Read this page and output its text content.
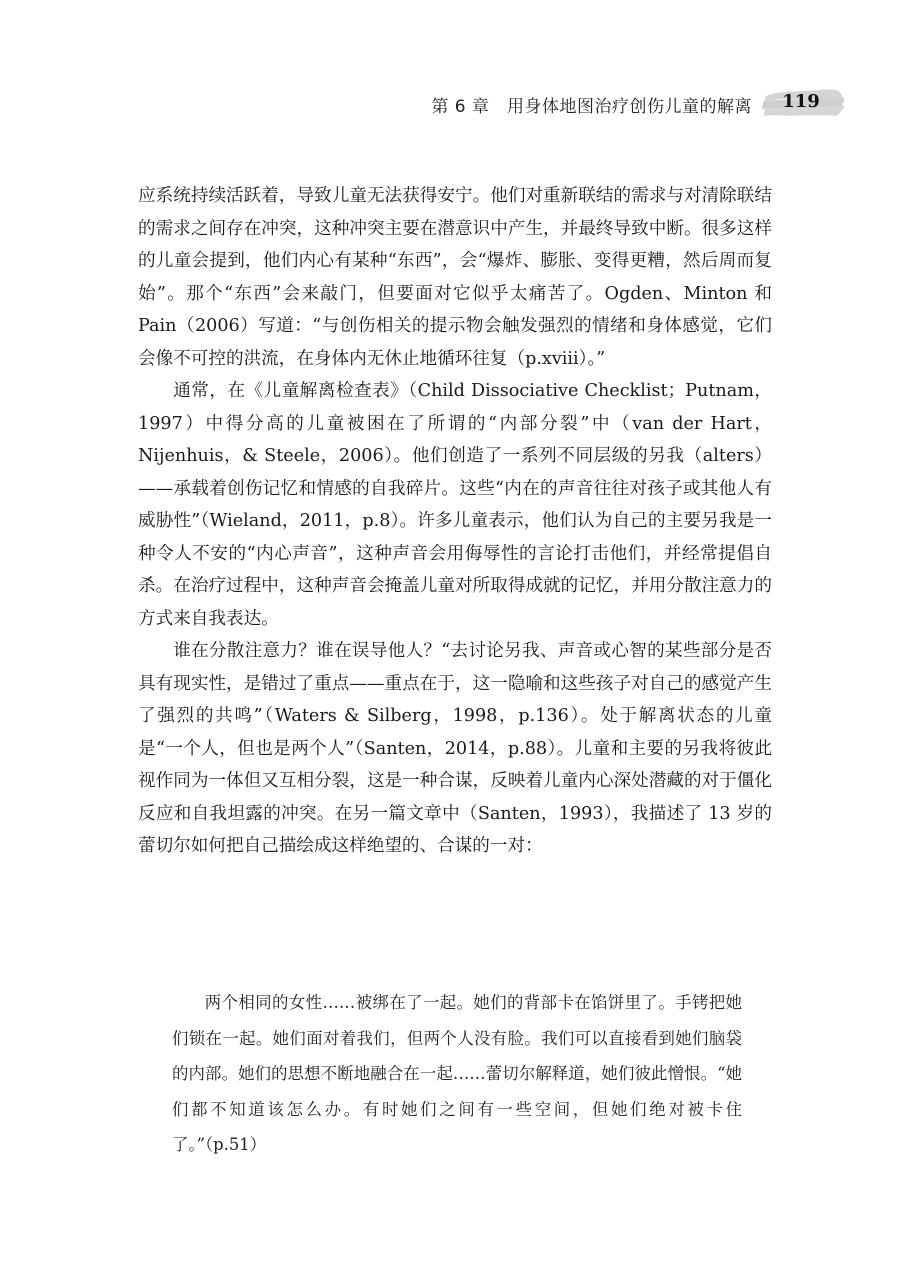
第 6 章　用身体地图治疗创伤儿童的解离	119

应系统持续活跃着，导致儿童无法获得安宁。他们对重新联结的需求与对清除联结的需求之间存在冲突，这种冲突主要在潜意识中产生，并最终导致中断。很多这样的儿童会提到，他们内心有某种“东西”，会“爆炸、膨胀、变得更糟，然后周而复始”。那个“东西”会来敲门，但要面对它似乎太痛苦了。Ogden、Minton 和 Pain（2006）写道：“与创伤相关的提示物会触发强烈的情绪和身体感觉，它们会像不可控的洪流，在身体内无休止地循环往复（p.xviii）。”

通常，在《儿童解离检查表》（Child Dissociative Checklist；Putnam，1997）中得分高的儿童被困在了所谓的“内部分裂”中（van der Hart，Nijenhuis，& Steele，2006）。他们创造了一系列不同层级的另我（alters）——承载着创伤记忆和情感的自我碎片。这些“内在的声音往往对孩子或其他人有威胁性”（Wieland，2011，p.8）。许多儿童表示，他们认为自己的主要另我是一种令人不安的“内心声音”，这种声音会用侮辱性的言论打击他们，并经常提倡自杀。在治疗过程中，这种声音会掩盖儿童对所取得成就的记忆，并用分散注意力的方式来自我表达。

谁在分散注意力？谁在误导他人？“去讨论另我、声音或心智的某些部分是否具有现实性，是错过了重点——重点在于，这一隐喻和这些孩子对自己的感觉产生了强烈的共鸣”（Waters & Silberg，1998，p.136）。处于解离状态的儿童是“一个人，但也是两个人”（Santen，2014，p.88）。儿童和主要的另我将彼此视作同为一体但又互相分裂，这是一种合谋，反映着儿童内心深处潜藏的对于僵化反应和自我坦露的冲突。在另一篇文章中（Santen，1993），我描述了 13 岁的蕾切尔如何把自己描绘成这样绝望的、合谋的一对：

两个相同的女性……被绑在了一起。她们的背部卡在馅饼里了。手铐把她们锁在一起。她们面对着我们，但两个人没有脸。我们可以直接看到她们脑袋的内部。她们的思想不断地融合在一起……蕾切尔解释道，她们彼此憎恨。“她们都不知道该怎么办。有时她们之间有一些空间，但她们绝对被卡住了。”（p.51）
